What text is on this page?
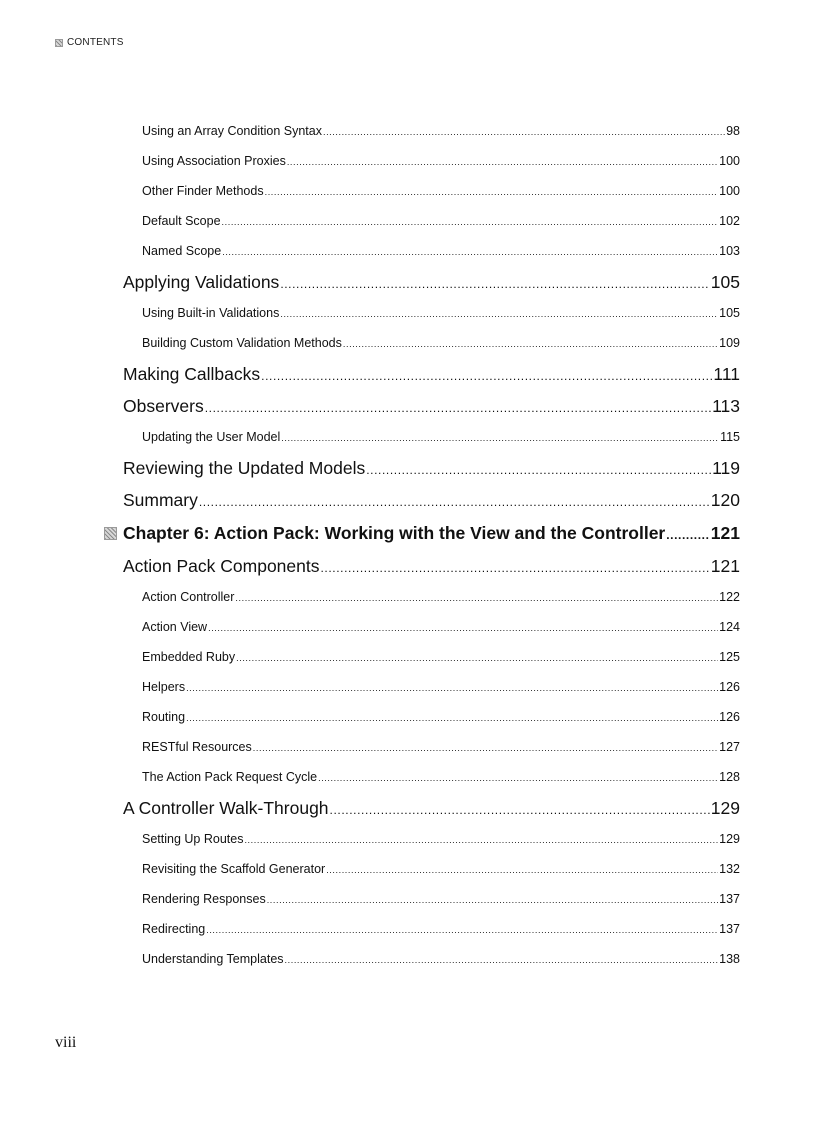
CONTENTS
Using an Array Condition Syntax .....	98
Using Association Proxies .....	100
Other Finder Methods .....	100
Default Scope .....	102
Named Scope .....	103
Applying Validations .....	105
Using Built-in Validations .....	105
Building Custom Validation Methods .....	109
Making Callbacks .....	111
Observers .....	113
Updating the User Model .....	115
Reviewing the Updated Models .....	119
Summary .....	120
Chapter 6: Action Pack: Working with the View and the Controller .....	121
Action Pack Components .....	121
Action Controller .....	122
Action View .....	124
Embedded Ruby .....	125
Helpers .....	126
Routing .....	126
RESTful Resources .....	127
The Action Pack Request Cycle .....	128
A Controller Walk-Through .....	129
Setting Up Routes .....	129
Revisiting the Scaffold Generator .....	132
Rendering Responses .....	137
Redirecting .....	137
Understanding Templates .....	138
viii
